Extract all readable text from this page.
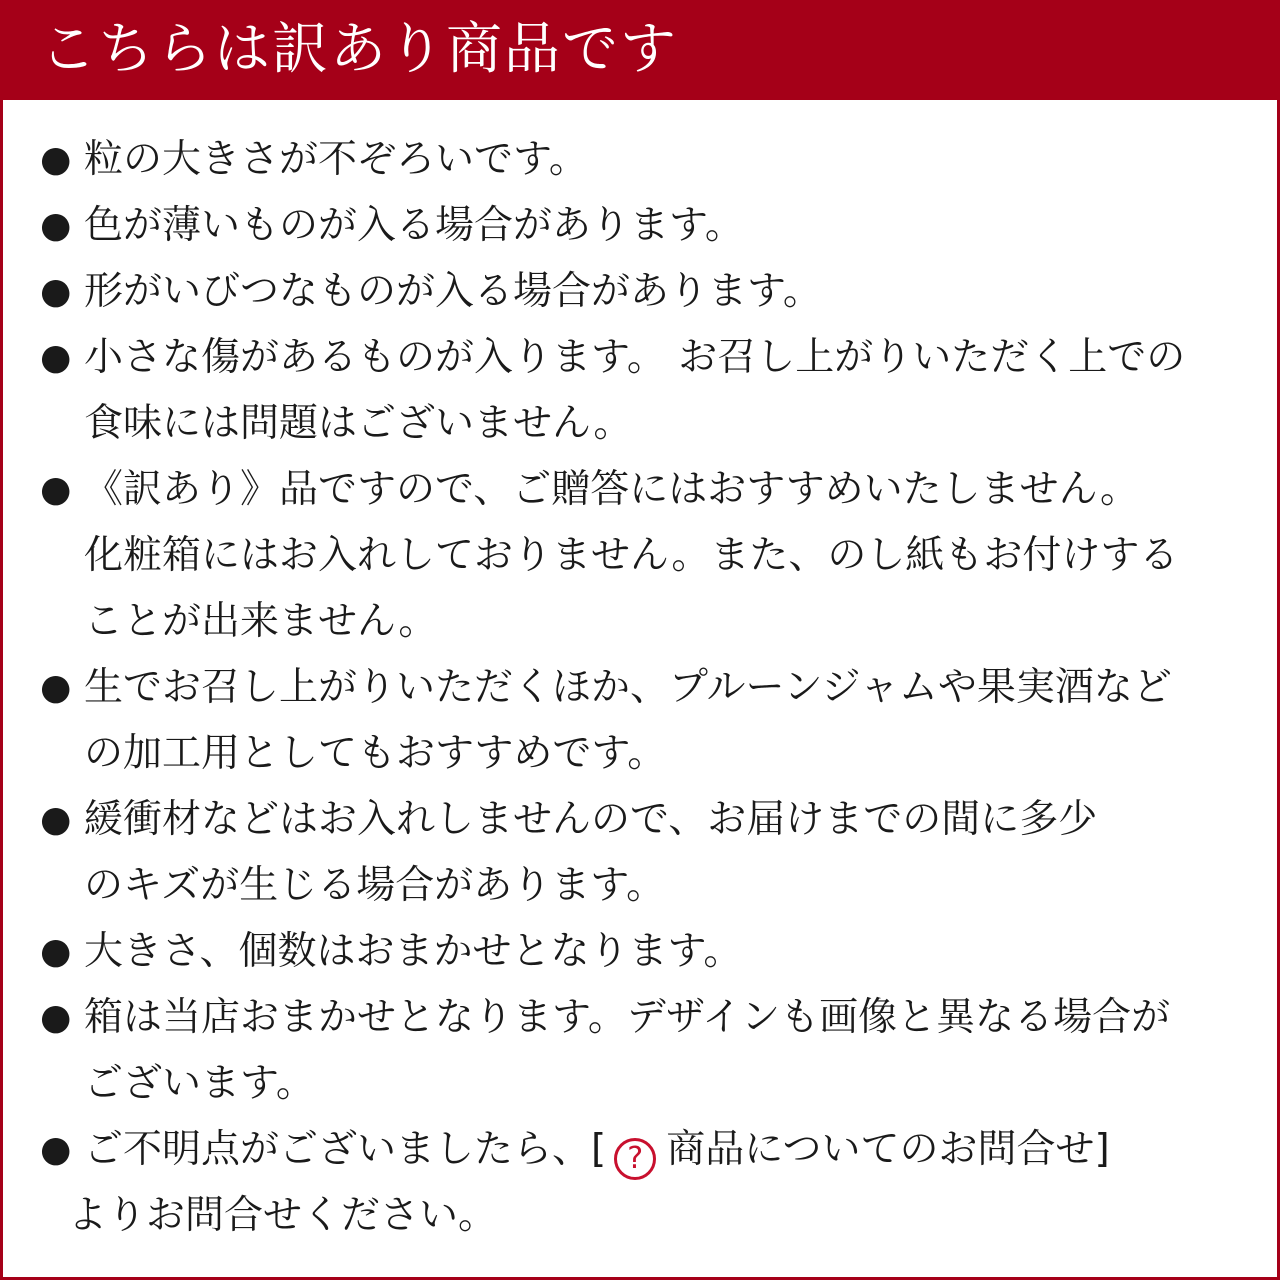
こちらは訳あり商品です
● 粒の大きさが不ぞろいです。
● 色が薄いものが入る場合があります。
● 形がいびつなものが入る場合があります。
● 小さな傷があるものが入ります。 お召し上がりいただく上での
食味には問題はございません。
● 《訳あり》品ですので、ご贈答にはおすすめいたしません。
化粧箱にはお入れしておりません。また、のし紙もお付けする
ことが出来ません。
● 生でお召し上がりいただくほか、プルーンジャムや果実酒など
の加工用としてもおすすめです。
● 緩衝材などはお入れしませんので、お届けまでの間に多少
のキズが生じる場合があります。
● 大きさ、個数はおまかせとなります。
● 箱は当店おまかせとなります。デザインも画像と異なる場合が
ございます。
● ご不明点がございましたら、[ ? 商品についてのお問合せ]
よりお問合せください。
